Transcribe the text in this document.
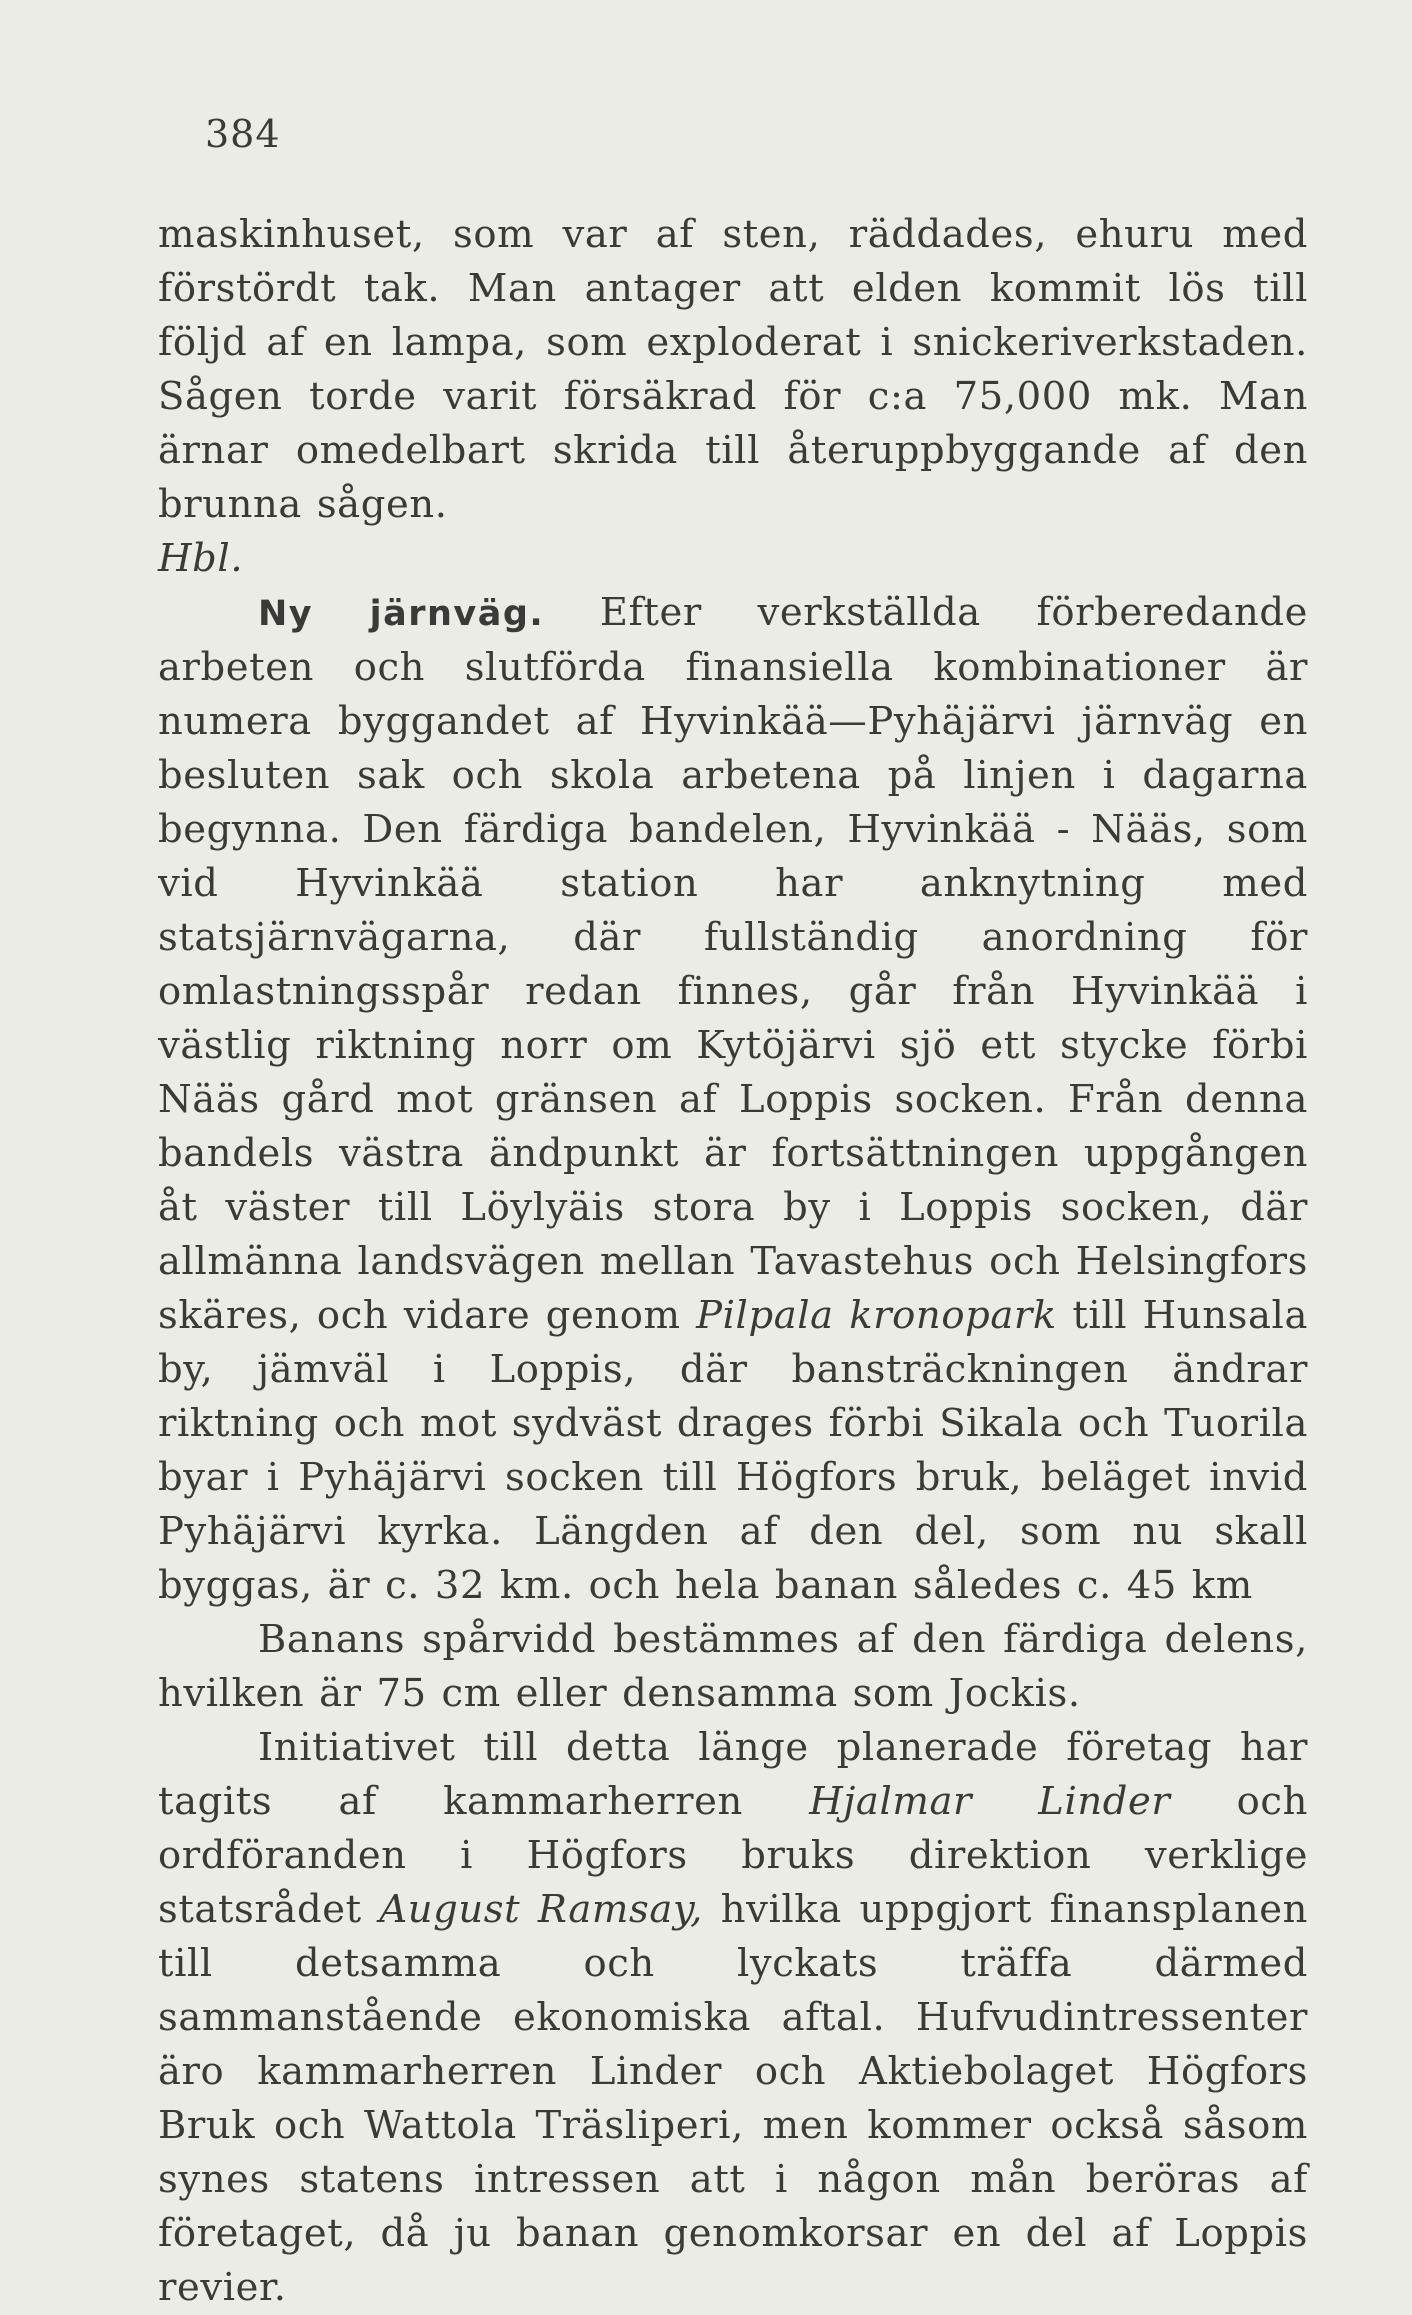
384

maskinhuset, som var af sten, räddades, ehuru med förstördt tak. Man antager att elden kommit lös till följd af en lampa, som exploderat i snickeriverkstaden. Sågen torde varit försäkrad för c:a 75,000 mk. Man ärnar omedelbart skrida till återuppbyggande af den brunna sågen.

Hbl.

Ny järnväg. Efter verkställda förberedande arbeten och slutförda finansiella kombinationer är numera byggandet af Hyvinkää—Pyhäjärvi järnväg en besluten sak och skola arbetena på linjen i dagarna begynna. Den färdiga bandelen, Hyvinkää - Nääs, som vid Hyvinkää station har anknytning med statsjärnvägarna, där fullständig anordning för omlastningsspår redan finnes, går från Hyvinkää i västlig riktning norr om Kytöjärvi sjö ett stycke förbi Nääs gård mot gränsen af Loppis socken. Från denna bandels västra ändpunkt är fortsättningen uppgången åt väster till Löylyäis stora by i Loppis socken, där allmänna landsvägen mellan Tavastehus och Helsingfors skäres, och vidare genom Pilpala kronopark till Hunsala by, jämväl i Loppis, där bansträckningen ändrar riktning och mot sydväst drages förbi Sikala och Tuorila byar i Pyhäjärvi socken till Högfors bruk, beläget invid Pyhäjärvi kyrka. Längden af den del, som nu skall byggas, är c. 32 km. och hela banan således c. 45 km

Banans spårvidd bestämmes af den färdiga delens, hvilken är 75 cm eller densamma som Jockis.

Initiativet till detta länge planerade företag har tagits af kammarherren Hjalmar Linder och ordföranden i Högfors bruks direktion verklige statsrådet August Ramsay, hvilka uppgjort finansplanen till detsamma och lyckats träffa därmed sammanstående ekonomiska aftal. Hufvudintressenter äro kammarherren Linder och Aktiebolaget Högfors Bruk och Wattola Träsliperi, men kommer också såsom synes statens intressen att i någon mån beröras af företaget, då ju banan genomkorsar en del af Loppis revier.
